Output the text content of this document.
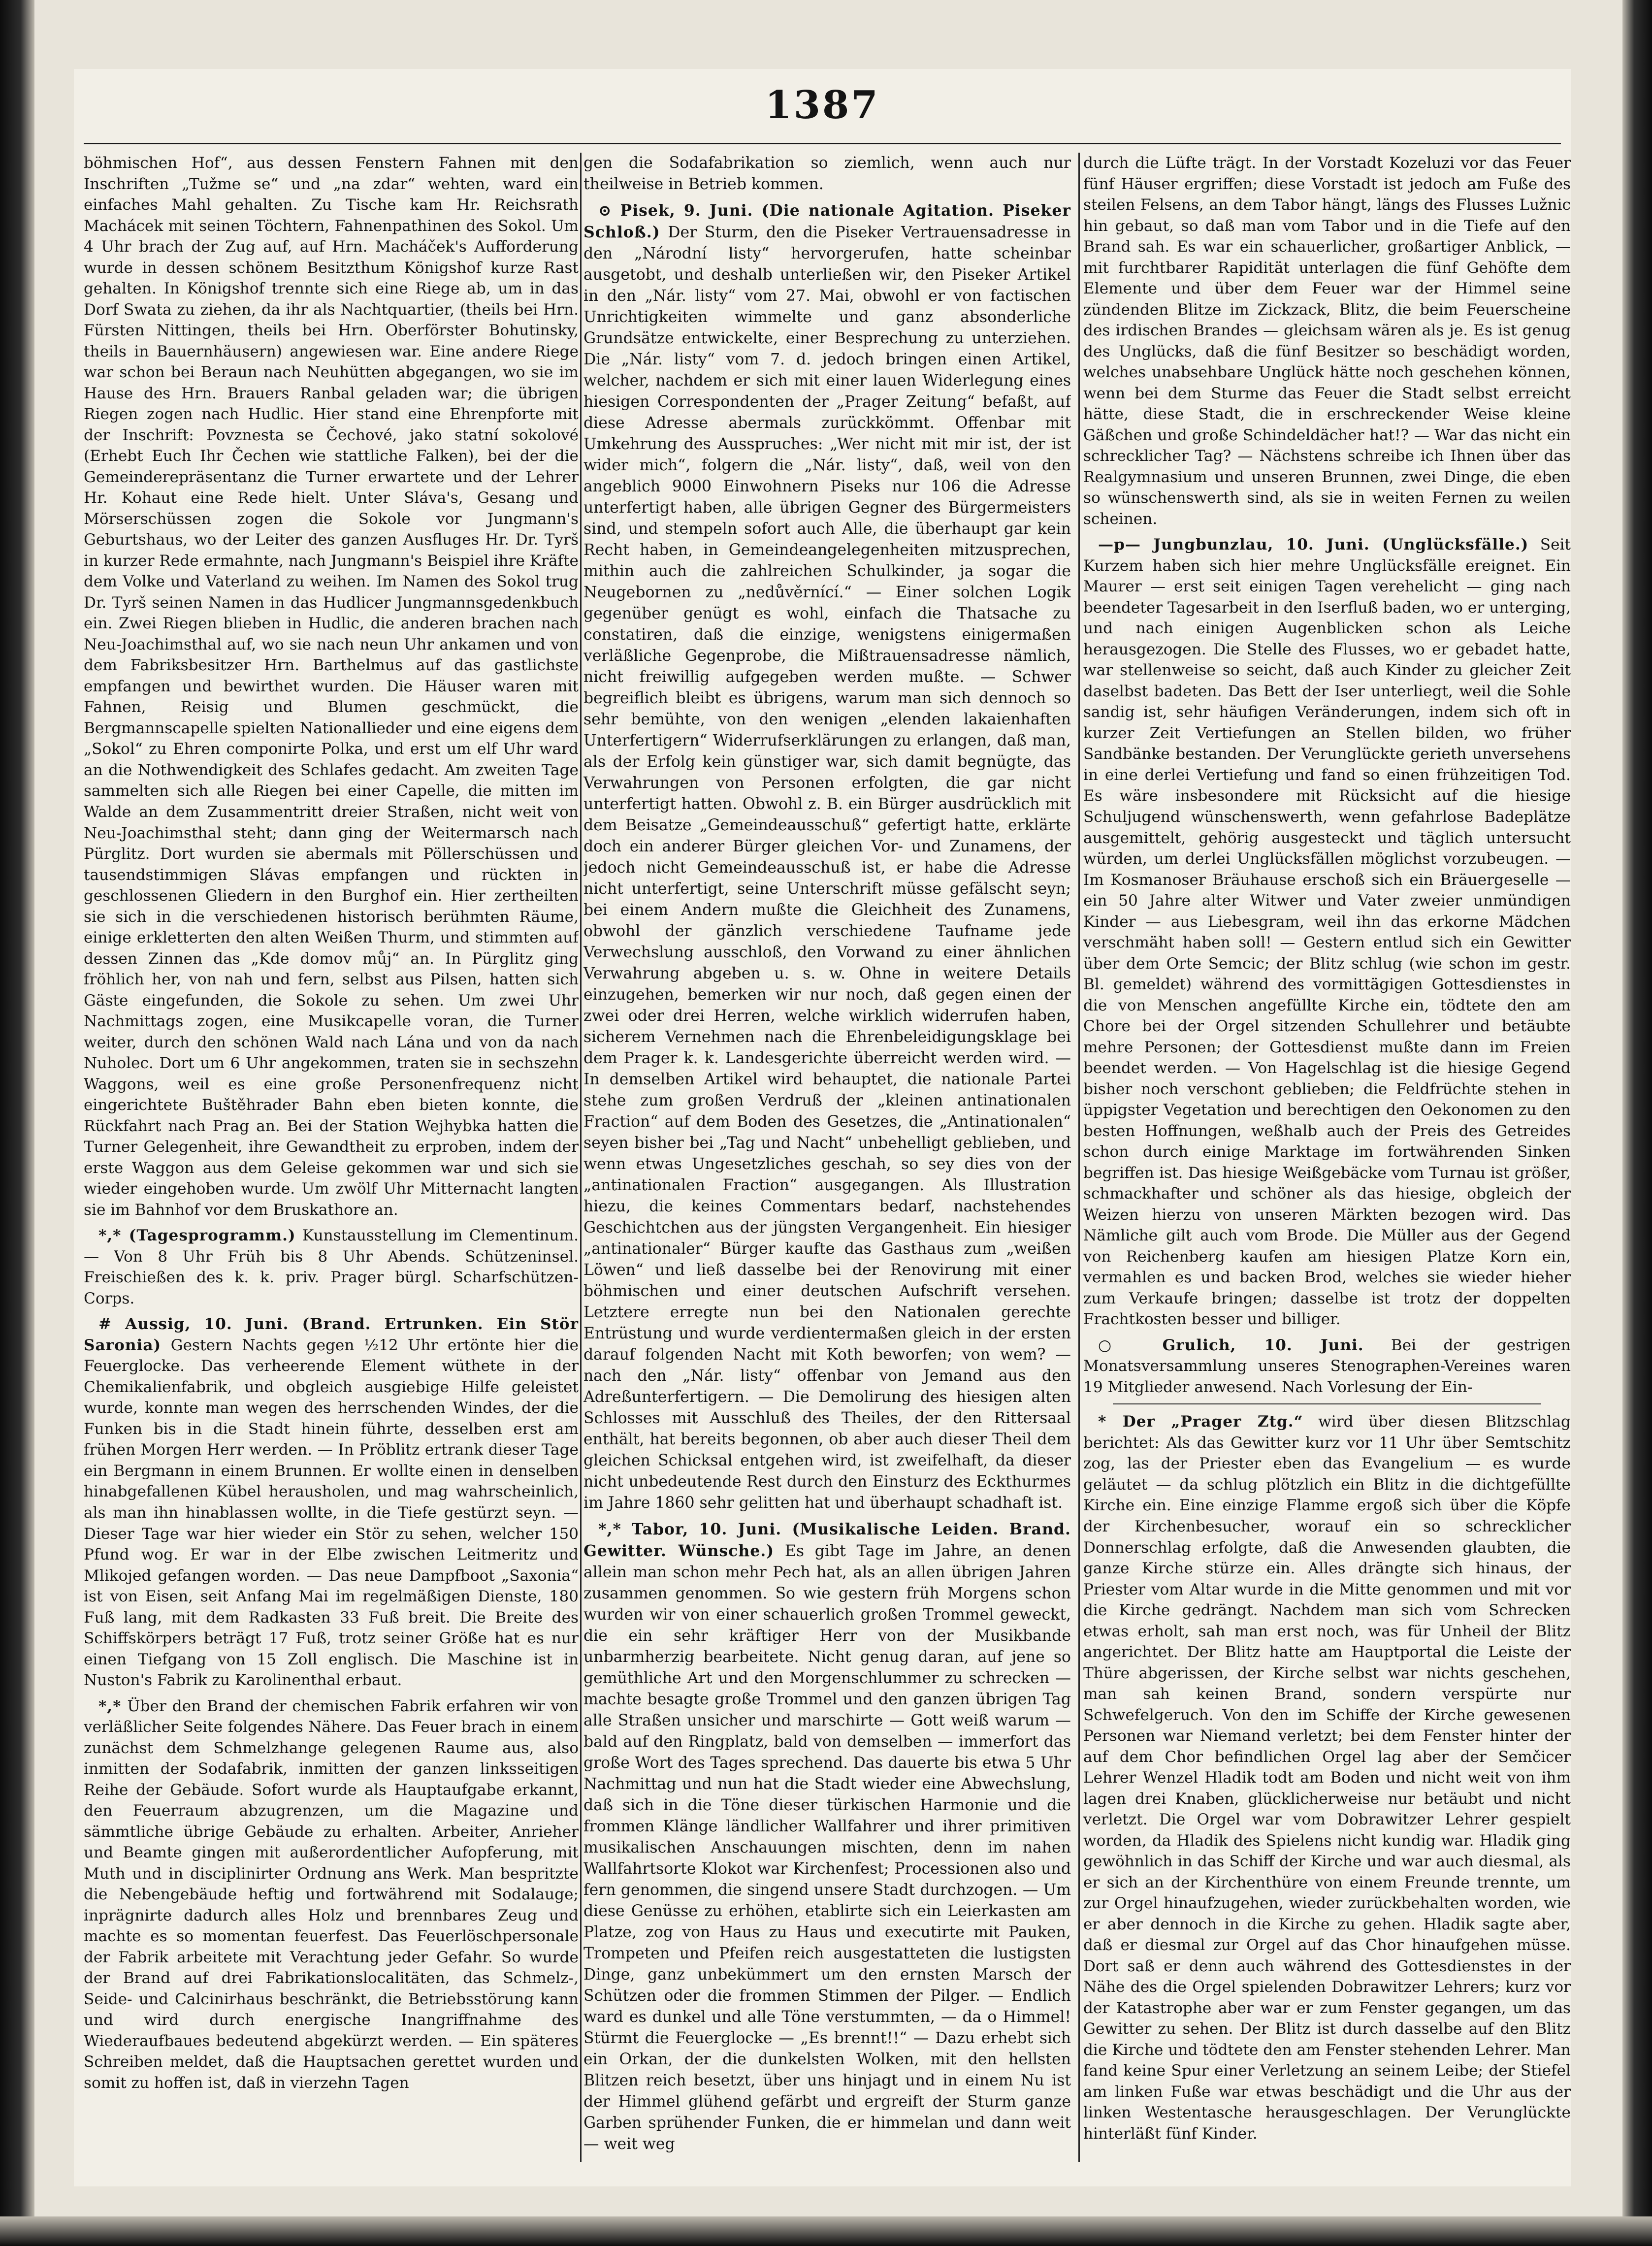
1387

böhmischen Hof“, aus dessen Fenstern Fahnen mit den Inschriften „Tužme se“ und „na zdar“ wehten, ward ein einfaches Mahl gehalten. Zu Tische kam Hr. Reichsrath Machácek mit seinen Töchtern, Fahnenpathinen des Sokol. Um 4 Uhr brach der Zug auf, auf Hrn. Macháček's Aufforderung wurde in dessen schönem Besitzthum Königshof kurze Rast gehalten. In Königshof trennte sich eine Riege ab, um in das Dorf Swata zu ziehen, da ihr als Nachtquartier, (theils bei Hrn. Fürsten Nittingen, theils bei Hrn. Oberförster Bohutinsky, theils in Bauernhäusern) angewiesen war. Eine andere Riege war schon bei Beraun nach Neuhütten abgegangen, wo sie im Hause des Hrn. Brauers Ranbal geladen war; die übrigen Riegen zogen nach Hudlic. Hier stand eine Ehrenpforte mit der Inschrift: Povznesta se Čechové, jako statní sokolové (Erhebt Euch Ihr Čechen wie stattliche Falken), bei der die Gemeinderepräsentanz die Turner erwartete und der Lehrer Hr. Kohaut eine Rede hielt. Unter Sláva's, Gesang und Mörserschüssen zogen die Sokole vor Jungmann's Geburtshaus, wo der Leiter des ganzen Ausfluges Hr. Dr. Tyrš in kurzer Rede ermahnte, nach Jungmann's Beispiel ihre Kräfte dem Volke und Vaterland zu weihen. Im Namen des Sokol trug Dr. Tyrš seinen Namen in das Hudlicer Jungmannsgedenkbuch ein. Zwei Riegen blieben in Hudlic, die anderen brachen nach Neu-Joachimsthal auf, wo sie nach neun Uhr ankamen und von dem Fabriksbesitzer Hrn. Barthelmus auf das gastlichste empfangen und bewirthet wurden. Die Häuser waren mit Fahnen, Reisig und Blumen geschmückt, die Bergmannscapelle spielten Nationallieder und eine eigens dem „Sokol“ zu Ehren componirte Polka, und erst um elf Uhr ward an die Nothwendigkeit des Schlafes gedacht. Am zweiten Tage sammelten sich alle Riegen bei einer Capelle, die mitten im Walde an dem Zusammentritt dreier Straßen, nicht weit von Neu-Joachimsthal steht; dann ging der Weitermarsch nach Pürglitz. Dort wurden sie abermals mit Pöllerschüssen und tausendstimmigen Slávas empfangen und rückten in geschlossenen Gliedern in den Burghof ein. Hier zertheilten sie sich in die verschiedenen historisch berühmten Räume, einige erkletterten den alten Weißen Thurm, und stimmten auf dessen Zinnen das „Kde domov můj“ an. In Pürglitz ging fröhlich her, von nah und fern, selbst aus Pilsen, hatten sich Gäste eingefunden, die Sokole zu sehen. Um zwei Uhr Nachmittags zogen, eine Musikcapelle voran, die Turner weiter, durch den schönen Wald nach Lána und von da nach Nuholec. Dort um 6 Uhr angekommen, traten sie in sechszehn Waggons, weil es eine große Personenfrequenz nicht eingerichtete Buštěhrader Bahn eben bieten konnte, die Rückfahrt nach Prag an. Bei der Station Wejhybka hatten die Turner Gelegenheit, ihre Gewandtheit zu erproben, indem der erste Waggon aus dem Geleise gekommen war und sich sie wieder eingehoben wurde. Um zwölf Uhr Mitternacht langten sie im Bahnhof vor dem Bruskathore an.

*,* (Tagesprogramm.) Kunstausstellung im Clementinum. — Von 8 Uhr Früh bis 8 Uhr Abends. Schützeninsel. Freischießen des k. k. priv. Prager bürgl. Scharfschützen-Corps.

# Aussig, 10. Juni. (Brand. Ertrunken. Ein Stör Saronia) Gestern Nachts gegen ½12 Uhr ertönte hier die Feuerglocke. Das verheerende Element wüthete in der Chemikalienfabrik, und obgleich ausgiebige Hilfe geleistet wurde, konnte man wegen des herrschenden Windes, der die Funken bis in die Stadt hinein führte, desselben erst am frühen Morgen Herr werden. — In Pröblitz ertrank dieser Tage ein Bergmann in einem Brunnen. Er wollte einen in denselben hinabgefallenen Kübel herausholen, und mag wahrscheinlich, als man ihn hinablassen wollte, in die Tiefe gestürzt seyn. — Dieser Tage war hier wieder ein Stör zu sehen, welcher 150 Pfund wog. Er war in der Elbe zwischen Leitmeritz und Mlikojed gefangen worden. — Das neue Dampfboot „Saxonia“ ist von Eisen, seit Anfang Mai im regelmäßigen Dienste, 180 Fuß lang, mit dem Radkasten 33 Fuß breit. Die Breite des Schiffskörpers beträgt 17 Fuß, trotz seiner Größe hat es nur einen Tiefgang von 15 Zoll englisch. Die Maschine ist in Nuston's Fabrik zu Karolinenthal erbaut.

*,* Über den Brand der chemischen Fabrik erfahren wir von verläßlicher Seite folgendes Nähere. Das Feuer brach in einem zunächst dem Schmelzhange gelegenen Raume aus, also inmitten der Sodafabrik, inmitten der ganzen linksseitigen Reihe der Gebäude. Sofort wurde als Hauptaufgabe erkannt, den Feuerraum abzugrenzen, um die Magazine und sämmtliche übrige Gebäude zu erhalten. Arbeiter, Anrieher und Beamte gingen mit außerordentlicher Aufopferung, mit Muth und in disciplinirter Ordnung ans Werk. Man bespritzte die Nebengebäude heftig und fortwährend mit Sodalauge; inprägnirte dadurch alles Holz und brennbares Zeug und machte es so momentan feuerfest. Das Feuerlöschpersonale der Fabrik arbeitete mit Verachtung jeder Gefahr. So wurde der Brand auf drei Fabrikationslocalitäten, das Schmelz-, Seide- und Calcinirhaus beschränkt, die Betriebsstörung kann und wird durch energische Inangriffnahme des Wiederaufbaues bedeutend abgekürzt werden. — Ein späteres Schreiben meldet, daß die Hauptsachen gerettet wurden und somit zu hoffen ist, daß in vierzehn Tagen

gen die Sodafabrikation so ziemlich, wenn auch nur theilweise in Betrieb kommen.

⊙ Pisek, 9. Juni. (Die nationale Agitation. Piseker Schloß.) Der Sturm, den die Piseker Vertrauensadresse in den „Národní listy“ hervorgerufen, hatte scheinbar ausgetobt, und deshalb unterließen wir, den Piseker Artikel in den „Nár. listy“ vom 27. Mai, obwohl er von factischen Unrichtigkeiten wimmelte und ganz absonderliche Grundsätze entwickelte, einer Besprechung zu unterziehen. Die „Nár. listy“ vom 7. d. jedoch bringen einen Artikel, welcher, nachdem er sich mit einer lauen Widerlegung eines hiesigen Correspondenten der „Prager Zeitung“ befaßt, auf diese Adresse abermals zurückkömmt. Offenbar mit Umkehrung des Ausspruches: „Wer nicht mit mir ist, der ist wider mich“, folgern die „Nár. listy“, daß, weil von den angeblich 9000 Einwohnern Piseks nur 106 die Adresse unterfertigt haben, alle übrigen Gegner des Bürgermeisters sind, und stempeln sofort auch Alle, die überhaupt gar kein Recht haben, in Gemeindeangelegenheiten mitzusprechen, mithin auch die zahlreichen Schulkinder, ja sogar die Neugebornen zu „nedůvěrnící.“ — Einer solchen Logik gegenüber genügt es wohl, einfach die Thatsache zu constatiren, daß die einzige, wenigstens einigermaßen verläßliche Gegenprobe, die Mißtrauensadresse nämlich, nicht freiwillig aufgegeben werden mußte. — Schwer begreiflich bleibt es übrigens, warum man sich dennoch so sehr bemühte, von den wenigen „elenden lakaienhaften Unterfertigern“ Widerrufserklärungen zu erlangen, daß man, als der Erfolg kein günstiger war, sich damit begnügte, das Verwahrungen von Personen erfolgten, die gar nicht unterfertigt hatten. Obwohl z. B. ein Bürger ausdrücklich mit dem Beisatze „Gemeindeausschuß“ gefertigt hatte, erklärte doch ein anderer Bürger gleichen Vor- und Zunamens, der jedoch nicht Gemeindeausschuß ist, er habe die Adresse nicht unterfertigt, seine Unterschrift müsse gefälscht seyn; bei einem Andern mußte die Gleichheit des Zunamens, obwohl der gänzlich verschiedene Taufname jede Verwechslung ausschloß, den Vorwand zu einer ähnlichen Verwahrung abgeben u. s. w. Ohne in weitere Details einzugehen, bemerken wir nur noch, daß gegen einen der zwei oder drei Herren, welche wirklich widerrufen haben, sicherem Vernehmen nach die Ehrenbeleidigungsklage bei dem Prager k. k. Landesgerichte überreicht werden wird. — In demselben Artikel wird behauptet, die nationale Partei stehe zum großen Verdruß der „kleinen antinationalen Fraction“ auf dem Boden des Gesetzes, die „Antinationalen“ seyen bisher bei „Tag und Nacht“ unbehelligt geblieben, und wenn etwas Ungesetzliches geschah, so sey dies von der „antinationalen Fraction“ ausgegangen. Als Illustration hiezu, die keines Commentars bedarf, nachstehendes Geschichtchen aus der jüngsten Vergangenheit. Ein hiesiger „antinationaler“ Bürger kaufte das Gasthaus zum „weißen Löwen“ und ließ dasselbe bei der Renovirung mit einer böhmischen und einer deutschen Aufschrift versehen. Letztere erregte nun bei den Nationalen gerechte Entrüstung und wurde verdientermaßen gleich in der ersten darauf folgenden Nacht mit Koth beworfen; von wem? — nach den „Nár. listy“ offenbar von Jemand aus den Adreßunterfertigern. — Die Demolirung des hiesigen alten Schlosses mit Ausschluß des Theiles, der den Rittersaal enthält, hat bereits begonnen, ob aber auch dieser Theil dem gleichen Schicksal entgehen wird, ist zweifelhaft, da dieser nicht unbedeutende Rest durch den Einsturz des Eckthurmes im Jahre 1860 sehr gelitten hat und überhaupt schadhaft ist.

*,* Tabor, 10. Juni. (Musikalische Leiden. Brand. Gewitter. Wünsche.) Es gibt Tage im Jahre, an denen allein man schon mehr Pech hat, als an allen übrigen Jahren zusammen genommen. So wie gestern früh Morgens schon wurden wir von einer schauerlich großen Trommel geweckt, die ein sehr kräftiger Herr von der Musikbande unbarmherzig bearbeitete. Nicht genug daran, auf jene so gemüthliche Art und den Morgenschlummer zu schrecken — machte besagte große Trommel und den ganzen übrigen Tag alle Straßen unsicher und marschirte — Gott weiß warum — bald auf den Ringplatz, bald von demselben — immerfort das große Wort des Tages sprechend. Das dauerte bis etwa 5 Uhr Nachmittag und nun hat die Stadt wieder eine Abwechslung, daß sich in die Töne dieser türkischen Harmonie und die frommen Klänge ländlicher Wallfahrer und ihrer primitiven musikalischen Anschauungen mischten, denn im nahen Wallfahrtsorte Klokot war Kirchenfest; Processionen also und fern genommen, die singend unsere Stadt durchzogen. — Um diese Genüsse zu erhöhen, etablirte sich ein Leierkasten am Platze, zog von Haus zu Haus und executirte mit Pauken, Trompeten und Pfeifen reich ausgestatteten die lustigsten Dinge, ganz unbekümmert um den ernsten Marsch der Schützen oder die frommen Stimmen der Pilger. — Endlich ward es dunkel und alle Töne verstummten, — da o Himmel! Stürmt die Feuerglocke — „Es brennt!!“ — Dazu erhebt sich ein Orkan, der die dunkelsten Wolken, mit den hellsten Blitzen reich besetzt, über uns hinjagt und in einem Nu ist der Himmel glühend gefärbt und ergreift der Sturm ganze Garben sprühender Funken, die er himmelan und dann weit — weit weg

durch die Lüfte trägt. In der Vorstadt Kozeluzi vor das Feuer fünf Häuser ergriffen; diese Vorstadt ist jedoch am Fuße des steilen Felsens, an dem Tabor hängt, längs des Flusses Lužnic hin gebaut, so daß man vom Tabor und in die Tiefe auf den Brand sah. Es war ein schauerlicher, großartiger Anblick, — mit furchtbarer Rapidität unterlagen die fünf Gehöfte dem Elemente und über dem Feuer war der Himmel seine zündenden Blitze im Zickzack, Blitz, die beim Feuerscheine des irdischen Brandes — gleichsam wären als je. Es ist genug des Unglücks, daß die fünf Besitzer so beschädigt worden, welches unabsehbare Unglück hätte noch geschehen können, wenn bei dem Sturme das Feuer die Stadt selbst erreicht hätte, diese Stadt, die in erschreckender Weise kleine Gäßchen und große Schindeldächer hat!? — War das nicht ein schrecklicher Tag? — Nächstens schreibe ich Ihnen über das Realgymnasium und unseren Brunnen, zwei Dinge, die eben so wünschenswerth sind, als sie in weiten Fernen zu weilen scheinen.

—p— Jungbunzlau, 10. Juni. (Unglücksfälle.) Seit Kurzem haben sich hier mehre Unglücksfälle ereignet. Ein Maurer — erst seit einigen Tagen verehelicht — ging nach beendeter Tagesarbeit in den Iserfluß baden, wo er unterging, und nach einigen Augenblicken schon als Leiche herausgezogen. Die Stelle des Flusses, wo er gebadet hatte, war stellenweise so seicht, daß auch Kinder zu gleicher Zeit daselbst badeten. Das Bett der Iser unterliegt, weil die Sohle sandig ist, sehr häufigen Veränderungen, indem sich oft in kurzer Zeit Vertiefungen an Stellen bilden, wo früher Sandbänke bestanden. Der Verunglückte gerieth unversehens in eine derlei Vertiefung und fand so einen frühzeitigen Tod. Es wäre insbesondere mit Rücksicht auf die hiesige Schuljugend wünschenswerth, wenn gefahrlose Badeplätze ausgemittelt, gehörig ausgesteckt und täglich untersucht würden, um derlei Unglücksfällen möglichst vorzubeugen. — Im Kosmanoser Bräuhause erschoß sich ein Bräuergeselle — ein 50 Jahre alter Witwer und Vater zweier unmündigen Kinder — aus Liebesgram, weil ihn das erkorne Mädchen verschmäht haben soll! — Gestern entlud sich ein Gewitter über dem Orte Semcic; der Blitz schlug (wie schon im gestr. Bl. gemeldet) während des vormittägigen Gottesdienstes in die von Menschen angefüllte Kirche ein, tödtete den am Chore bei der Orgel sitzenden Schullehrer und betäubte mehre Personen; der Gottesdienst mußte dann im Freien beendet werden. — Von Hagelschlag ist die hiesige Gegend bisher noch verschont geblieben; die Feldfrüchte stehen in üppigster Vegetation und berechtigen den Oekonomen zu den besten Hoffnungen, weßhalb auch der Preis des Getreides schon durch einige Marktage im fortwährenden Sinken begriffen ist. Das hiesige Weißgebäcke vom Turnau ist größer, schmackhafter und schöner als das hiesige, obgleich der Weizen hierzu von unseren Märkten bezogen wird. Das Nämliche gilt auch vom Brode. Die Müller aus der Gegend von Reichenberg kaufen am hiesigen Platze Korn ein, vermahlen es und backen Brod, welches sie wieder hieher zum Verkaufe bringen; dasselbe ist trotz der doppelten Frachtkosten besser und billiger.

○ Grulich, 10. Juni. Bei der gestrigen Monatsversammlung unseres Stenographen-Vereines waren 19 Mitglieder anwesend. Nach Vorlesung der Ein-

* Der „Prager Ztg.“ wird über diesen Blitzschlag berichtet: Als das Gewitter kurz vor 11 Uhr über Semtschitz zog, las der Priester eben das Evangelium — es wurde geläutet — da schlug plötzlich ein Blitz in die dichtgefüllte Kirche ein. Eine einzige Flamme ergoß sich über die Köpfe der Kirchenbesucher, worauf ein so schrecklicher Donnerschlag erfolgte, daß die Anwesenden glaubten, die ganze Kirche stürze ein. Alles drängte sich hinaus, der Priester vom Altar wurde in die Mitte genommen und mit vor die Kirche gedrängt. Nachdem man sich vom Schrecken etwas erholt, sah man erst noch, was für Unheil der Blitz angerichtet. Der Blitz hatte am Hauptportal die Leiste der Thüre abgerissen, der Kirche selbst war nichts geschehen, man sah keinen Brand, sondern verspürte nur Schwefelgeruch. Von den im Schiffe der Kirche gewesenen Personen war Niemand verletzt; bei dem Fenster hinter der auf dem Chor befindlichen Orgel lag aber der Semčicer Lehrer Wenzel Hladik todt am Boden und nicht weit von ihm lagen drei Knaben, glücklicherweise nur betäubt und nicht verletzt. Die Orgel war vom Dobrawitzer Lehrer gespielt worden, da Hladik des Spielens nicht kundig war. Hladik ging gewöhnlich in das Schiff der Kirche und war auch diesmal, als er sich an der Kirchenthüre von einem Freunde trennte, um zur Orgel hinaufzugehen, wieder zurückbehalten worden, wie er aber dennoch in die Kirche zu gehen. Hladik sagte aber, daß er diesmal zur Orgel auf das Chor hinaufgehen müsse. Dort saß er denn auch während des Gottesdienstes in der Nähe des die Orgel spielenden Dobrawitzer Lehrers; kurz vor der Katastrophe aber war er zum Fenster gegangen, um das Gewitter zu sehen. Der Blitz ist durch dasselbe auf den Blitz die Kirche und tödtete den am Fenster stehenden Lehrer. Man fand keine Spur einer Verletzung an seinem Leibe; der Stiefel am linken Fuße war etwas beschädigt und die Uhr aus der linken Westentasche herausgeschlagen. Der Verunglückte hinterläßt fünf Kinder.
